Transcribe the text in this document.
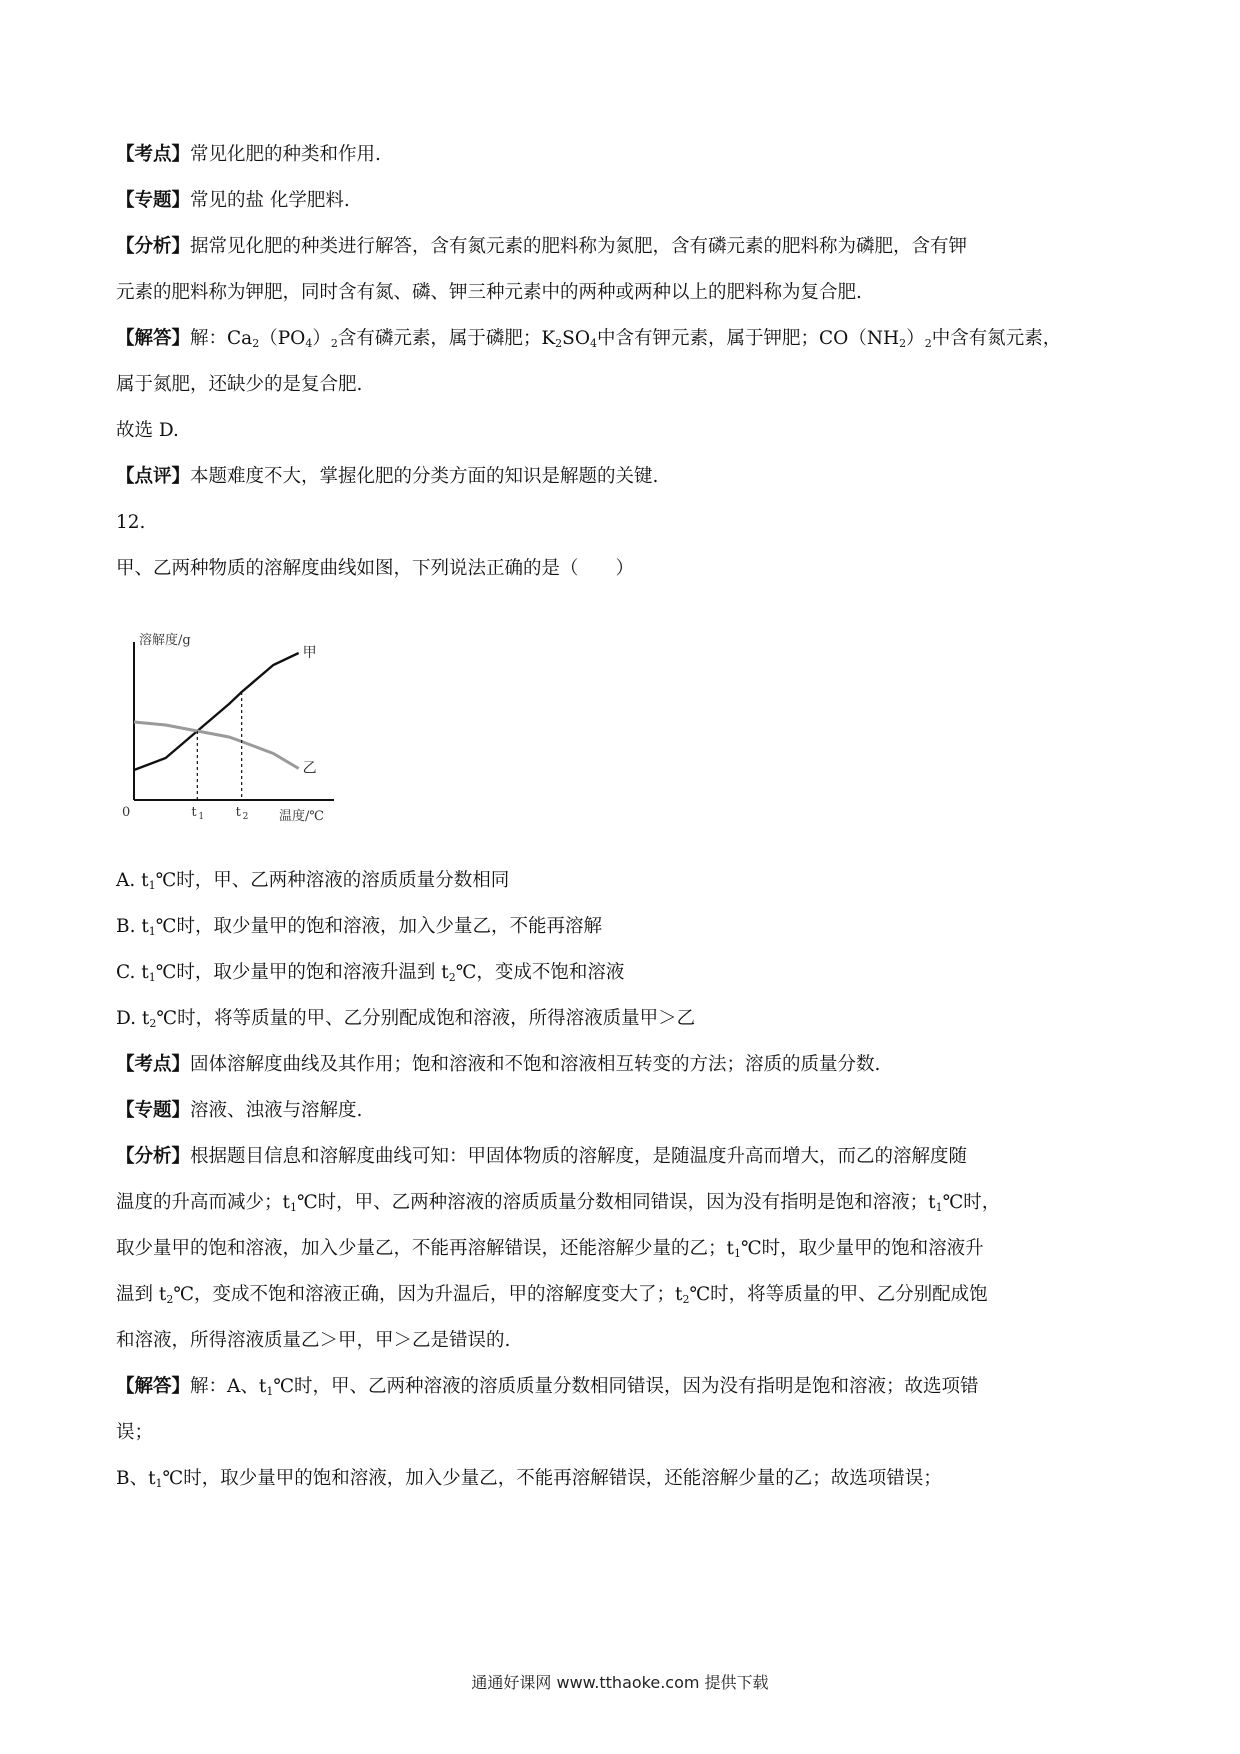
【考点】常见化肥的种类和作用.
【专题】常见的盐 化学肥料.
【分析】据常见化肥的种类进行解答，含有氮元素的肥料称为氮肥，含有磷元素的肥料称为磷肥，含有钾
元素的肥料称为钾肥，同时含有氮、磷、钾三种元素中的两种或两种以上的肥料称为复合肥.
【解答】解：$Ca_2(PO_4)_2$含有磷元素，属于磷肥；$K_2SO_4$中含有钾元素，属于钾肥；$CO(NH_2)_2$中含有氮元素，
属于氮肥，还缺少的是复合肥.
故选 D.
【点评】本题难度不大，掌握化肥的分类方面的知识是解题的关键.
12.
甲、乙两种物质的溶解度曲线如图，下列说法正确的是（　　）
溶解度/g
温度/℃
0
甲
乙
t 1 t 2
A. $t_1℃$时，甲、乙两种溶液的溶质质量分数相同
B. $t_1℃$时，取少量甲的饱和溶液，加入少量乙，不能再溶解
C. $t_1℃$时，取少量甲的饱和溶液升温到 $t_2℃$，变成不饱和溶液
D. $t_2℃$时，将等质量的甲、乙分别配成饱和溶液，所得溶液质量甲＞乙
【考点】固体溶解度曲线及其作用；饱和溶液和不饱和溶液相互转变的方法；溶质的质量分数.
【专题】溶液、浊液与溶解度.
【分析】根据题目信息和溶解度曲线可知：甲固体物质的溶解度，是随温度升高而增大，而乙的溶解度随
温度的升高而减少；$t_1℃$时，甲、乙两种溶液的溶质质量分数相同错误，因为没有指明是饱和溶液；$t_1℃$时，
取少量甲的饱和溶液，加入少量乙，不能再溶解错误，还能溶解少量的乙；$t_1℃$时，取少量甲的饱和溶液升
温到 $t_2℃$，变成不饱和溶液正确，因为升温后，甲的溶解度变大了；$t_2℃$时，将等质量的甲、乙分别配成饱
和溶液，所得溶液质量乙＞甲，甲＞乙是错误的.
【解答】解：A、$t_1℃$时，甲、乙两种溶液的溶质质量分数相同错误，因为没有指明是饱和溶液；故选项错
误；
B、$t_1℃$时，取少量甲的饱和溶液，加入少量乙，不能再溶解错误，还能溶解少量的乙；故选项错误；
通通好课网 www.tthaoke.com 提供下载
